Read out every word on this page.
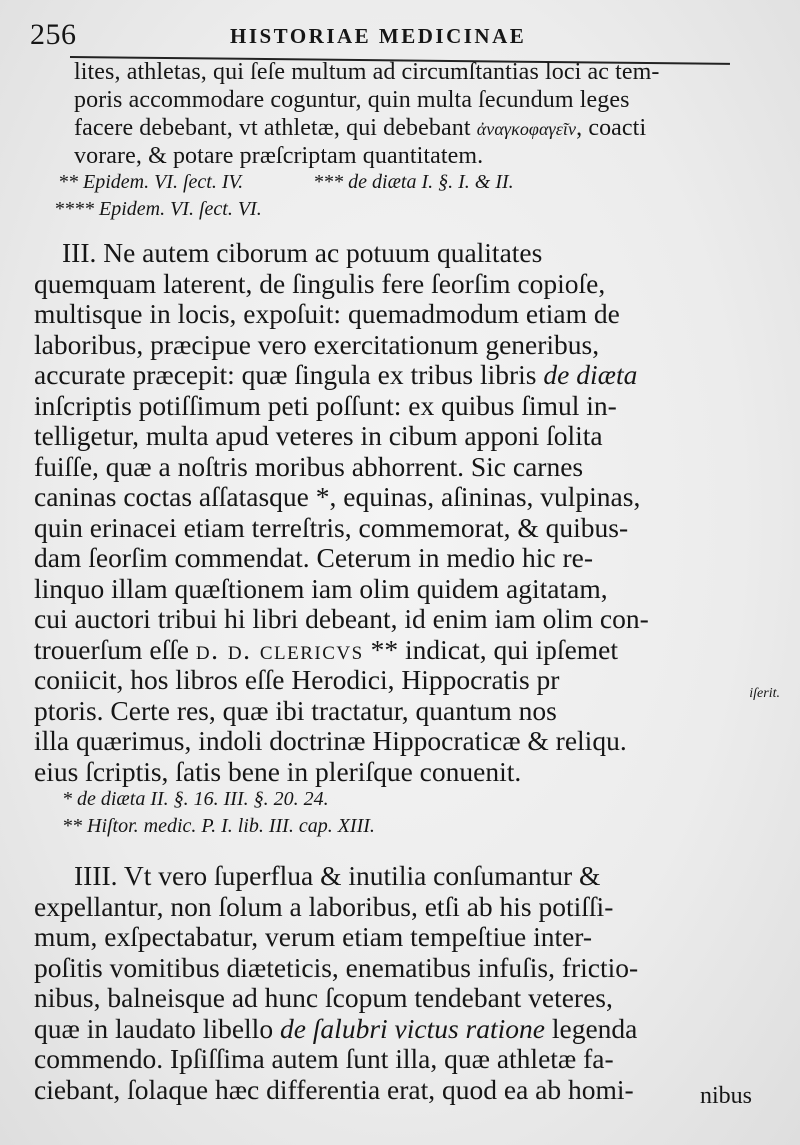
256	HISTORIAE MEDICINAE
lites, athletas, qui ſeſe multum ad circumſtantias loci ac tem-
poris accommodare coguntur, quin multa ſecundum leges
facere debebant, vt athletæ, qui debebant ἀναγκοφαγεῖν, coacti
vorare, & potare præſcriptam quantitatem.
** Epidem. VI. ſect. IV.	*** de diæta I. §. I. & II.
**** Epidem. VI. ſect. VI.
III. Ne autem ciborum ac potuum qualitates
quemquam laterent, de ſingulis fere ſeorſim copioſe,
multisque in locis, expoſuit: quemadmodum etiam de
laboribus, præcipue vero exercitationum generibus,
accurate præcepit: quæ ſingula ex tribus libris de diæta
inſcriptis potiſſimum peti poſſunt: ex quibus ſimul in-
telligetur, multa apud veteres in cibum apponi ſolita
fuiſſe, quæ a noſtris moribus abhorrent. Sic carnes
caninas coctas aſſatasque *, equinas, aſininas, vulpinas,
quin erinacei etiam terreſtris, commemorat, & quibus-
dam ſeorſim commendat. Ceterum in medio hic re-
linquo illam quæſtionem iam olim quidem agitatam,
cui auctori tribui hi libri debeant, id enim iam olim con-
trouerſum eſſe d. d. clericvs ** indicat, qui ipſemet
coniicit, hos libros eſſe Herodici, Hippocratis pr
ptoris. Certe res, quæ ibi tractatur, quantum nos
illa quærimus, indoli doctrinæ Hippocraticæ & reliqu.
eius ſcriptis, ſatis bene in pleriſque conuenit.
* de diæta II. §. 16. III. §. 20. 24.
** Hiſtor. medic. P. I. lib. III. cap. XIII.
IIII. Vt vero ſuperflua & inutilia conſumantur &
expellantur, non ſolum a laboribus, etſi ab his potiſſi-
mum, exſpectabatur, verum etiam tempeſtiue inter-
poſitis vomitibus diæteticis, enematibus infuſis, frictio-
nibus, balneisque ad hunc ſcopum tendebant veteres,
quæ in laudato libello de ſalubri victus ratione legenda
commendo. Ipſiſſima autem ſunt illa, quæ athletæ fa-
ciebant, ſolaque hæc differentia erat, quod ea ab homi-
iſerit.
nibus
